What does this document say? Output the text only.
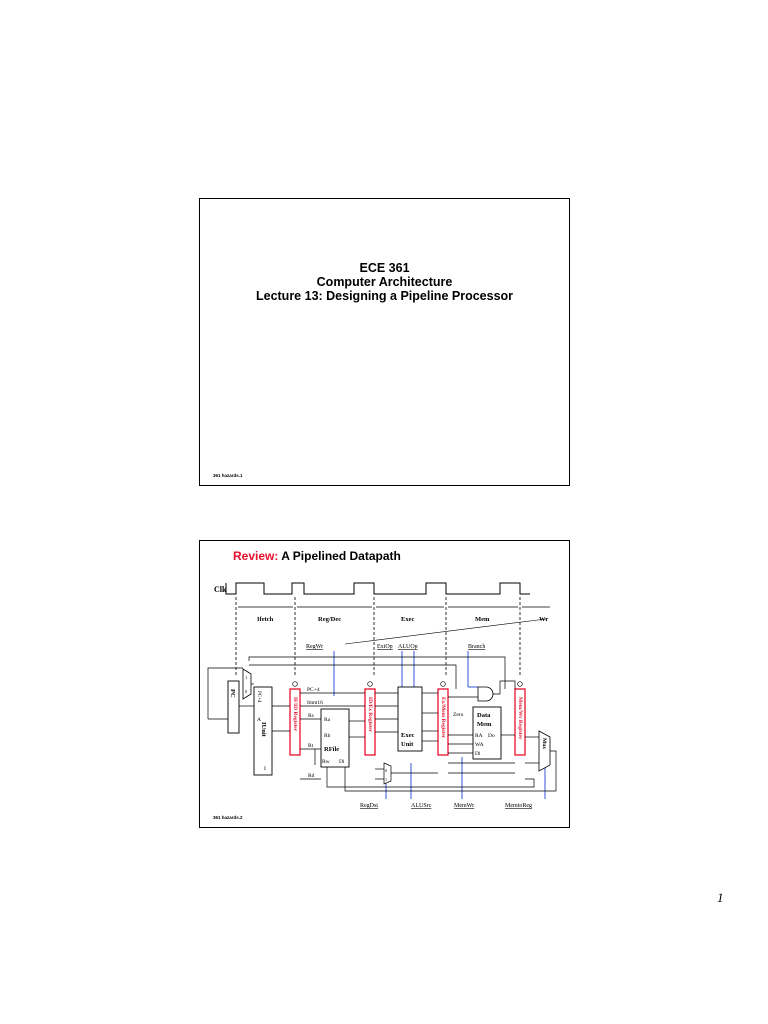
ECE 361
Computer Architecture
Lecture 13: Designing a Pipeline Processor
361 hazards.1
Review: A Pipelined Datapath
Clk
Ifetch	Reg/Dec	Exec	Mem	Wr
RegWr	ExtOp ALUOp	Branch
IF/ID Register	ID/Ex Register	Ex/Mem Register	Mem/Wr Register
1
0
PC	PC+4
A
IUnit
I
Ra
Rb
RFile
Rw Di
PC+4
Imm16
Rs
Rt
Rd
0
1
Exec
Unit
Zero Data
Mem
RA Do
WA
Di
Mux
RegDst	ALUSrc	MemWr	MemtoReg
361 hazards.2
1
